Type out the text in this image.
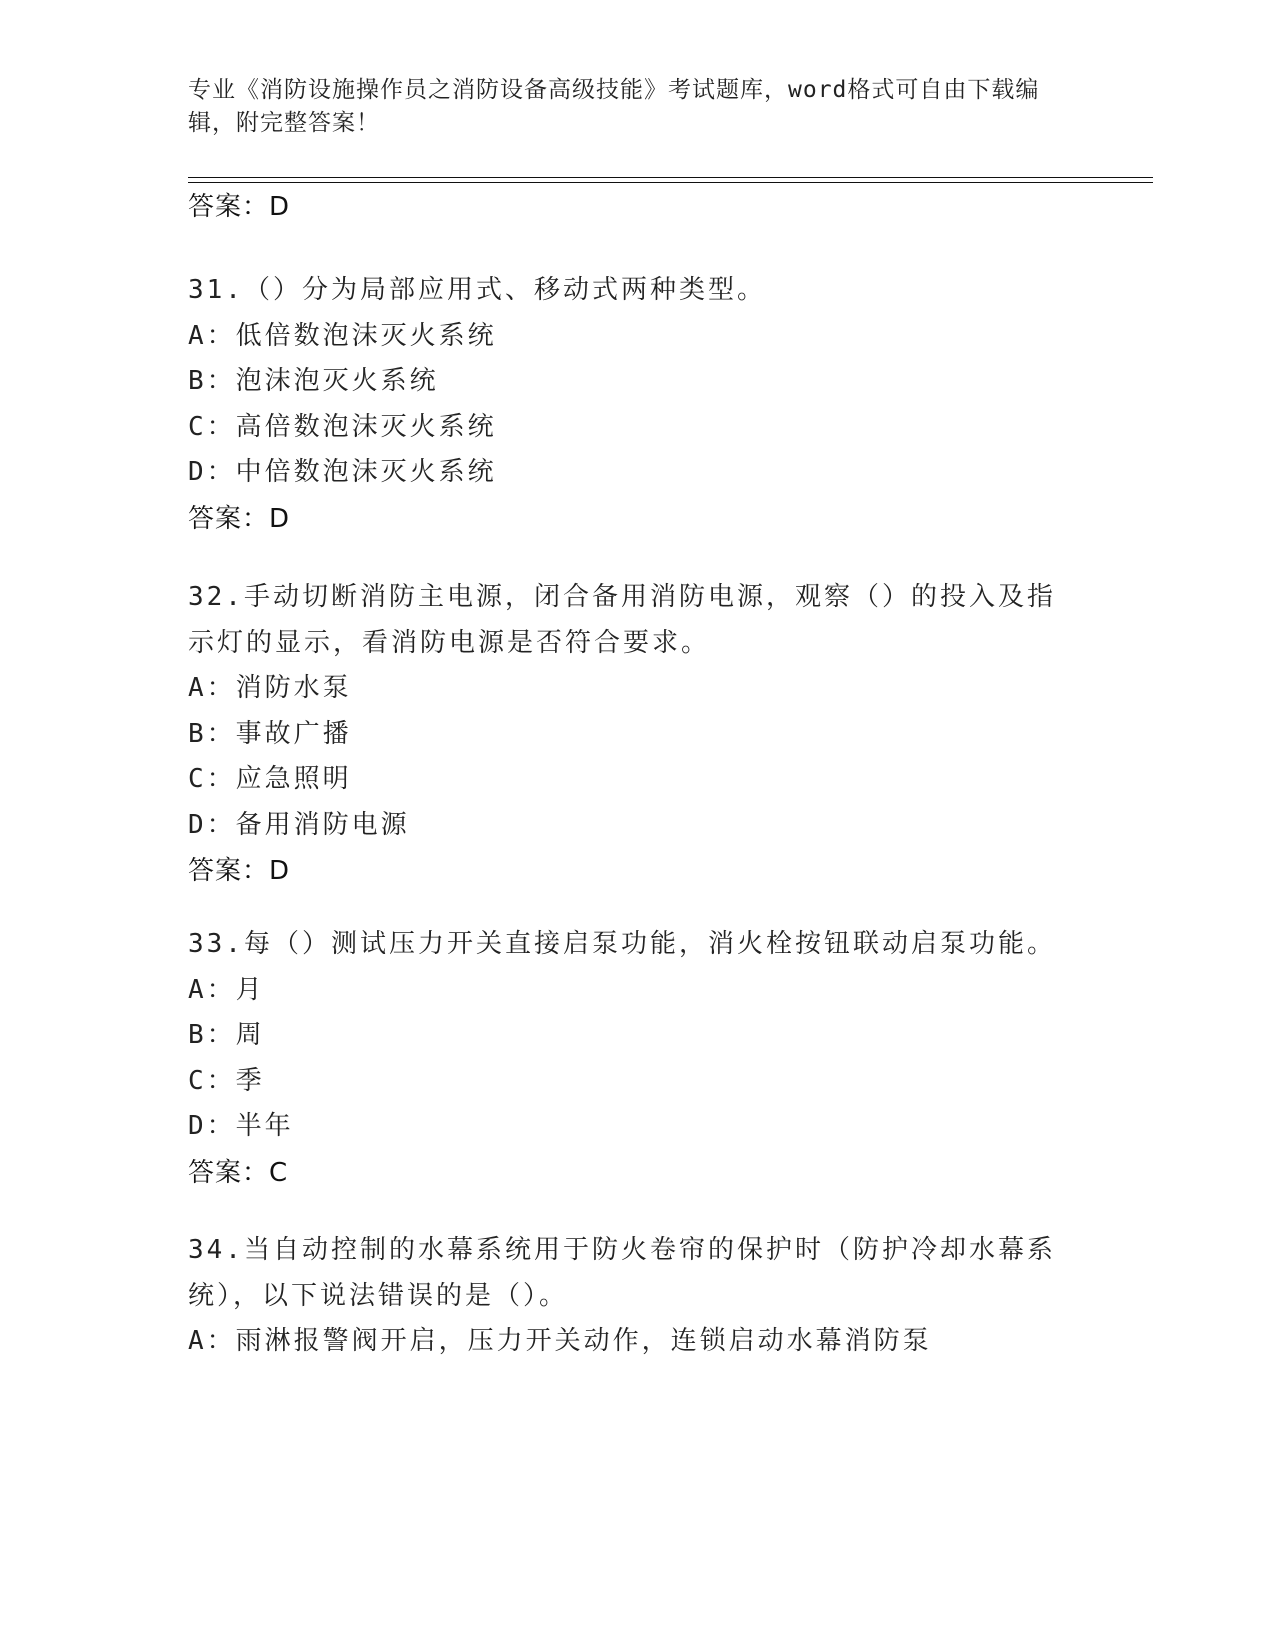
专业《消防设施操作员之消防设备高级技能》考试题库，word格式可自由下载编辑，附完整答案！
答案：D
31.（）分为局部应用式、移动式两种类型。
A：低倍数泡沫灭火系统
B：泡沫泡灭火系统
C：高倍数泡沫灭火系统
D：中倍数泡沫灭火系统
答案：D
32.手动切断消防主电源，闭合备用消防电源，观察（）的投入及指示灯的显示，看消防电源是否符合要求。
A：消防水泵
B：事故广播
C：应急照明
D：备用消防电源
答案：D
33.每（）测试压力开关直接启泵功能，消火栓按钮联动启泵功能。
A：月
B：周
C：季
D：半年
答案：C
34.当自动控制的水幕系统用于防火卷帘的保护时（防护冷却水幕系统），以下说法错误的是（）。
A：雨淋报警阀开启，压力开关动作，连锁启动水幕消防泵
